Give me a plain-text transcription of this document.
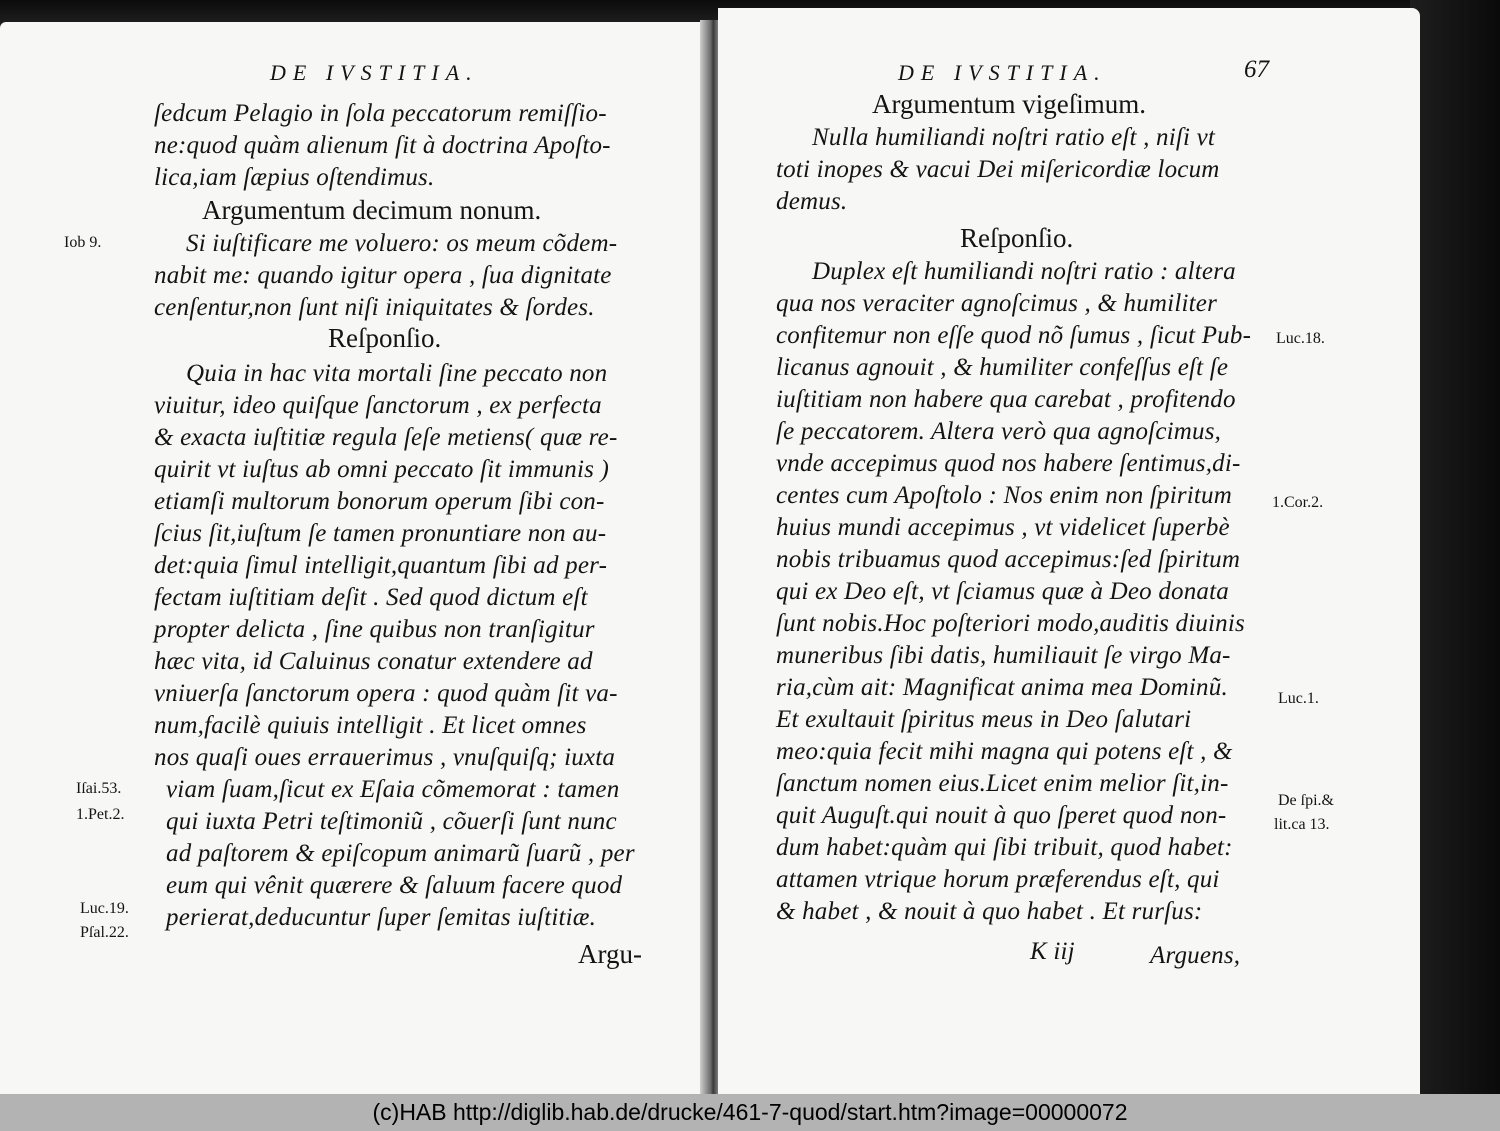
DE IVSTITIA.
ſedcum Pelagio in ſola peccatorum remiſſio-
ne:quod quàm alienum ſit à doctrina Apoſto-
lica,iam ſæpius oſtendimus.
Argumentum decimum nonum.
Iob 9.	Si iuſtificare me voluero: os meum cõdem-
nabit me: quando igitur opera , ſua dignitate
cenſentur,non ſunt niſi iniquitates & ſordes.
Reſponſio.
Quia in hac vita mortali ſine peccato non
viuitur, ideo quiſque ſanctorum , ex perfecta
& exacta iuſtitiæ regula ſeſe metiens( quæ re-
quirit vt iuſtus ab omni peccato ſit immunis )
etiamſi multorum bonorum operum ſibi con-
ſcius ſit,iuſtum ſe tamen pronuntiare non au-
det:quia ſimul intelligit,quantum ſibi ad per-
fectam iuſtitiam deſit . Sed quod dictum eſt
propter delicta , ſine quibus non tranſigitur
hæc vita, id Caluinus conatur extendere ad
vniuerſa ſanctorum opera : quod quàm ſit va-
num,facilè quiuis intelligit . Et licet omnes
nos quaſi oues errauerimus , vnuſquiſq; iuxta
Iſai.53. viam ſuam,ſicut ex Eſaia cõmemorat : tamen
1.Pet.2. qui iuxta Petri teſtimoniũ , cõuerſi ſunt nunc
ad paſtorem & epiſcopum animarũ ſuarũ , per
eum qui vênit quærere & ſaluum facere quod
Luc.19.
Pſal.22.
perierat,deducuntur ſuper ſemitas iuſtitiæ.
Argu-
DE IVSTITIA.	67
Argumentum vigeſimum.
Nulla humiliandi noſtri ratio eſt , niſi vt
toti inopes & vacui Dei miſericordiæ locum
demus.
Reſponſio.
Duplex eſt humiliandi noſtri ratio : altera
qua nos veraciter agnoſcimus , & humiliter
confitemur non eſſe quod nõ ſumus , ſicut Pub-	Luc.18.
licanus agnouit , & humiliter confeſſus eſt ſe
iuſtitiam non habere qua carebat , profitendo
ſe peccatorem. Altera verò qua agnoſcimus,
vnde accepimus quod nos habere ſentimus,di-
centes cum Apoſtolo : Nos enim non ſpiritum	1.Cor.2.
huius mundi accepimus , vt videlicet ſuperbè
nobis tribuamus quod accepimus:ſed ſpiritum
qui ex Deo eſt, vt ſciamus quæ à Deo donata
ſunt nobis.Hoc poſteriori modo,auditis diuinis
muneribus ſibi datis, humiliauit ſe virgo Ma-
ria,cùm ait: Magnificat anima mea Dominũ.	Luc.1.
Et exultauit ſpiritus meus in Deo ſalutari
meo:quia fecit mihi magna qui potens eſt , &
ſanctum nomen eius.Licet enim melior ſit,in-
De ſpi.&
lit.ca 13.
quit Auguſt.qui nouit à quo ſperet quod non-
dum habet:quàm qui ſibi tribuit, quod habet:
attamen vtrique horum præferendus eſt, qui
& habet , & nouit à quo habet . Et rurſus:
K iij	Arguens,
(c)HAB http://diglib.hab.de/drucke/461-7-quod/start.htm?image=00000072
